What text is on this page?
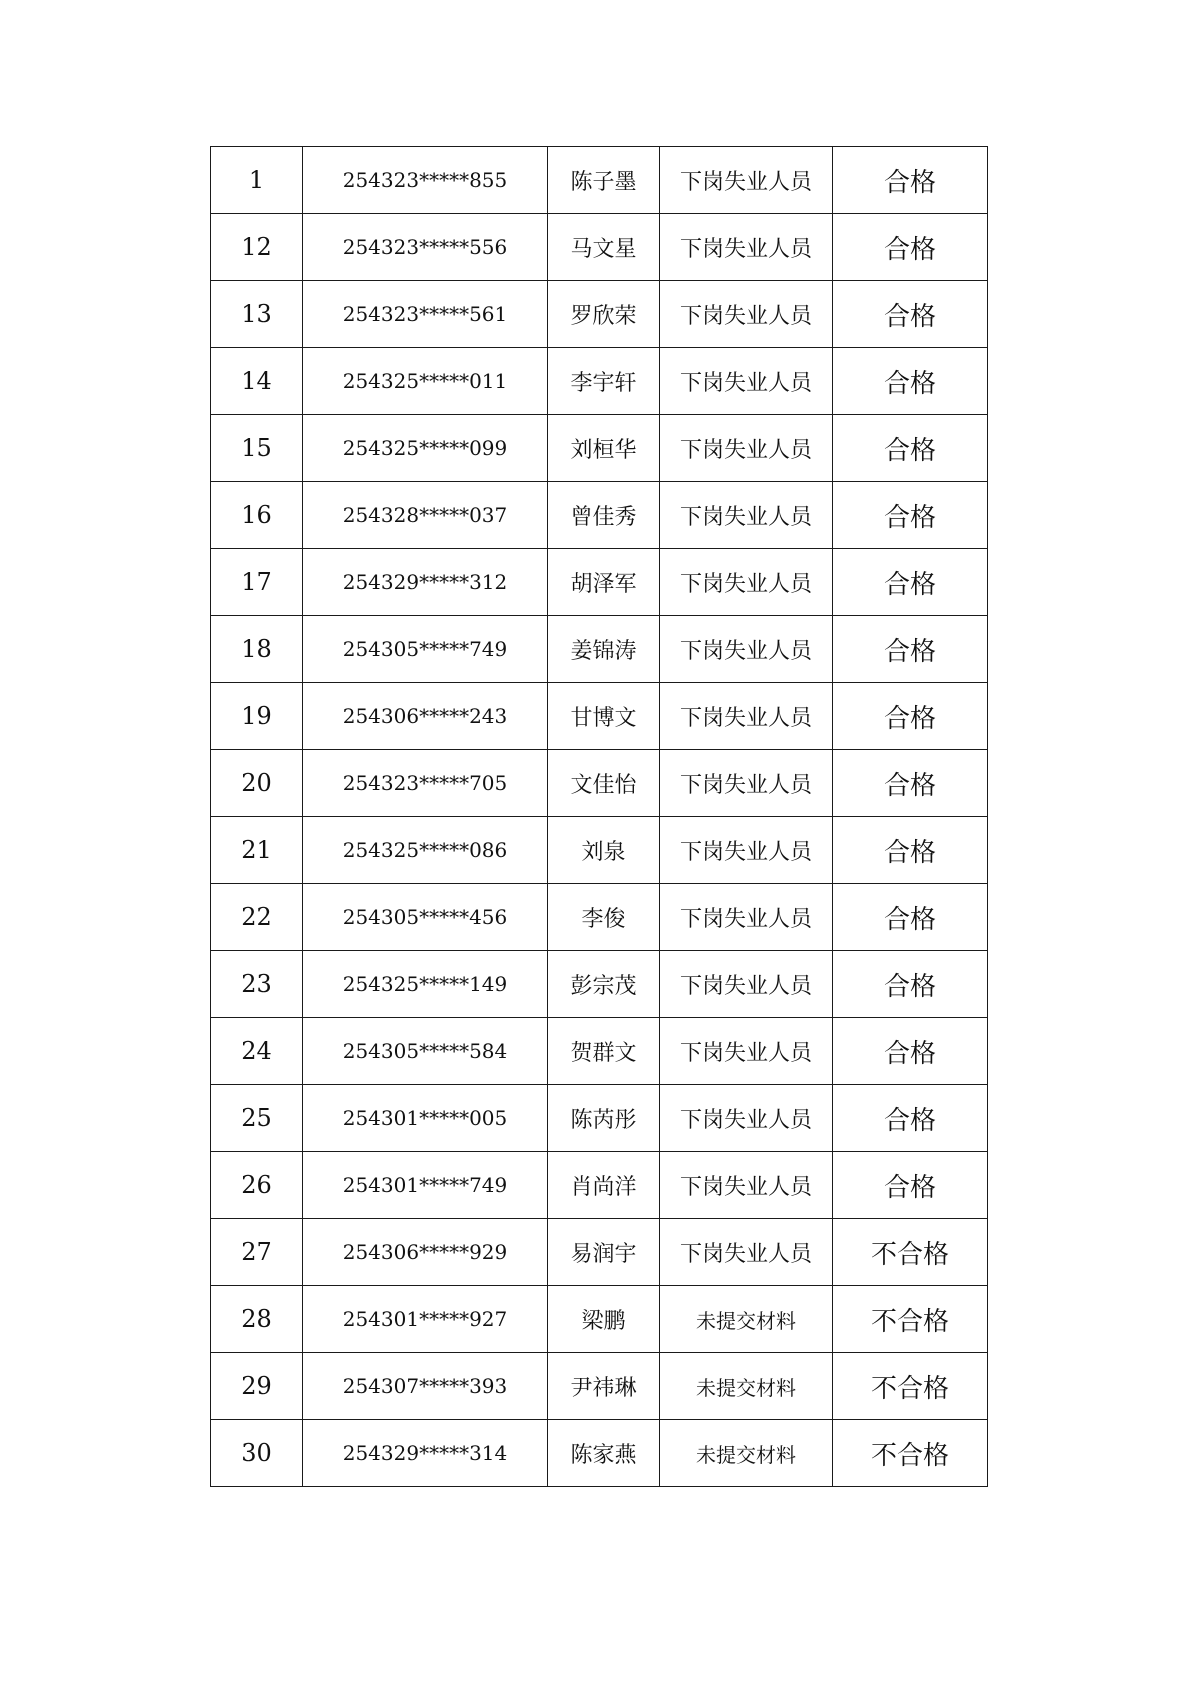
1	254323*****855	陈子墨	下岗失业人员	合格
12	254323*****556	马文星	下岗失业人员	合格
13	254323*****561	罗欣荣	下岗失业人员	合格
14	254325*****011	李宇轩	下岗失业人员	合格
15	254325*****099	刘桓华	下岗失业人员	合格
16	254328*****037	曾佳秀	下岗失业人员	合格
17	254329*****312	胡泽军	下岗失业人员	合格
18	254305*****749	姜锦涛	下岗失业人员	合格
19	254306*****243	甘博文	下岗失业人员	合格
20	254323*****705	文佳怡	下岗失业人员	合格
21	254325*****086	刘泉	下岗失业人员	合格
22	254305*****456	李俊	下岗失业人员	合格
23	254325*****149	彭宗茂	下岗失业人员	合格
24	254305*****584	贺群文	下岗失业人员	合格
25	254301*****005	陈芮彤	下岗失业人员	合格
26	254301*****749	肖尚洋	下岗失业人员	合格
27	254306*****929	易润宇	下岗失业人员	不合格
28	254301*****927	梁鹏	未提交材料	不合格
29	254307*****393	尹祎琳	未提交材料	不合格
30	254329*****314	陈家燕	未提交材料	不合格
